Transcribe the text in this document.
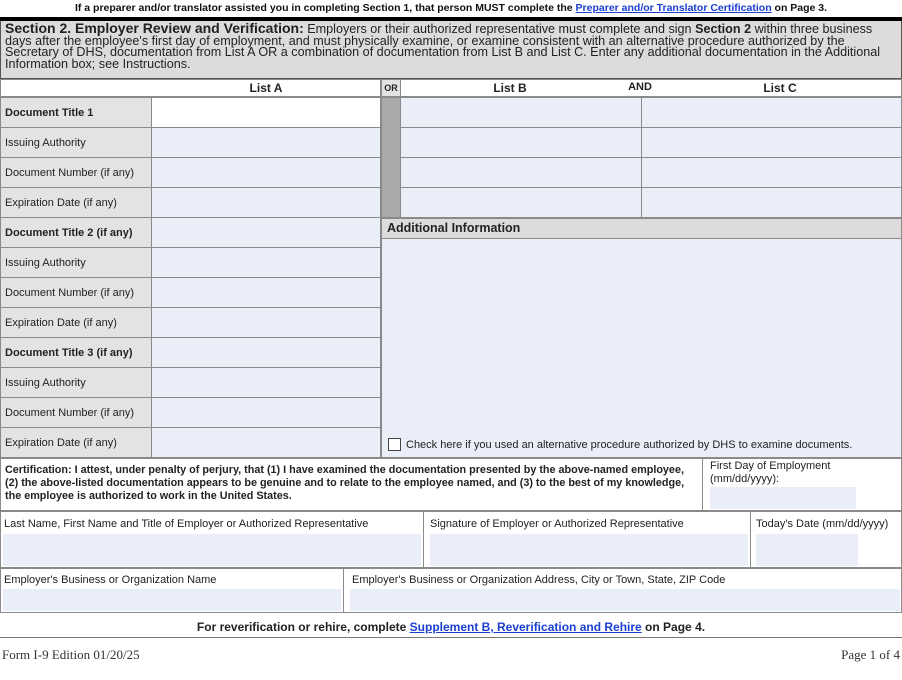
If a preparer and/or translator assisted you in completing Section 1, that person MUST complete the Preparer and/or Translator Certification on Page 3.
Section 2. Employer Review and Verification: Employers or their authorized representative must complete and sign Section 2 within three business days after the employee's first day of employment, and must physically examine, or examine consistent with an alternative procedure authorized by the Secretary of DHS, documentation from List A OR a combination of documentation from List B and List C. Enter any additional documentation in the Additional Information box; see Instructions.
List A	OR	List B	AND	List C
Document Title 1
Issuing Authority
Document Number (if any)
Expiration Date (if any)
Document Title 2 (if any)
Issuing Authority
Document Number (if any)
Expiration Date (if any)
Document Title 3 (if any)
Issuing Authority
Document Number (if any)
Expiration Date (if any)
Additional Information
Check here if you used an alternative procedure authorized by DHS to examine documents.
Certification: I attest, under penalty of perjury, that (1) I have examined the documentation presented by the above-named employee, (2) the above-listed documentation appears to be genuine and to relate to the employee named, and (3) to the best of my knowledge, the employee is authorized to work in the United States.
First Day of Employment (mm/dd/yyyy):
Last Name, First Name and Title of Employer or Authorized Representative	Signature of Employer or Authorized Representative	Today's Date (mm/dd/yyyy)
Employer's Business or Organization Name	Employer's Business or Organization Address, City or Town, State, ZIP Code
For reverification or rehire, complete Supplement B, Reverification and Rehire on Page 4.
Form I-9 Edition 01/20/25	Page 1 of 4
